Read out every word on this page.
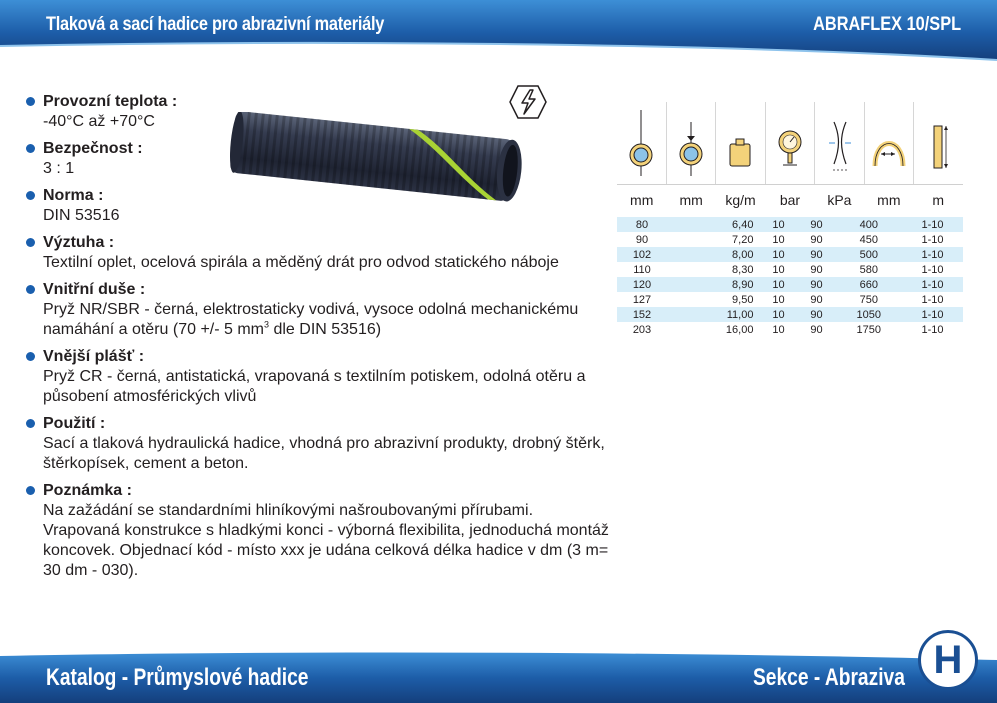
Tlaková a sací hadice pro abrazivní materiály	ABRAFLEX 10/SPL
Provozní teplota :
-40°C až +70°C
Bezpečnost :
3 : 1
Norma :
DIN 53516
Výztuha :
Textilní oplet, ocelová spirála a měděný drát pro odvod statického náboje
Vnitřní duše :
Pryž NR/SBR - černá, elektrostaticky vodivá, vysoce odolná mechanickému namáhání a otěru (70 +/- 5 $mm^3$ dle DIN 53516)
Vnější plášť :
Pryž CR - černá, antistatická, vrapovaná s textilním potiskem, odolná otěru a působení atmosférických vlivů
Použití :
Sací a tlaková hydraulická hadice, vhodná pro abrazivní produkty, drobný štěrk, štěrkopísek, cement a beton.
Poznámka :
Na zažádání se standardními hliníkovými našroubovanými přírubami. Vrapovaná konstrukce s hladkými konci - výborná flexibilita, jednoduchá montáž koncovek. Objednací kód - místo xxx je udána celková délka hadice v dm (3 m= 30 dm - 030).
mm	mm	kg/m	bar	kPa	mm	m
80		6,40	10	90	400	1-10
90		7,20	10	90	450	1-10
102		8,00	10	90	500	1-10
110		8,30	10	90	580	1-10
120		8,90	10	90	660	1-10
127		9,50	10	90	750	1-10
152		11,00	10	90	1050	1-10
203		16,00	10	90	1750	1-10
Katalog - Průmyslové hadice	Sekce - Abraziva H
